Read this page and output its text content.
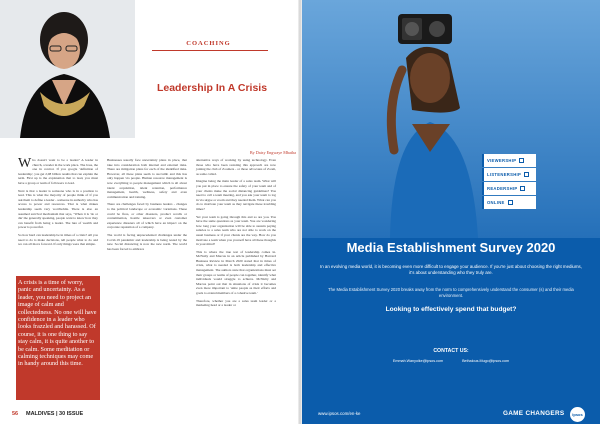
COACHING
Leadership In A Crisis
By Daisy Engwaye Mbatha

Who doesn't want to be a leader? A leader in church, a leader in the work place. The boss, the one in control. If you google 'definition of leadership', you get 2,08 billion results that can explain the term. First up is the explanation that to lead, you must have a group or team of followers to lead.

Next is that a leader is someone who is in a position to lead. This is what the majority of people think of if you ask them to define a leader - someone in authority who has access to power and resources. That is what makes leadership seem very worthwhile. There is also an assumed survival mechanism that says, "When it is 'do or die' the generally speaking, people want to know how they can benefit from being a leader. The lure of wealth and power is powerful.

So how hard can leadership be in times of a crisis? All you need to do is make decisions, tell people what to do and we can all move forward. If only things were that simple.

Businesses usually face uncertainty plans in place, that take into consideration both internal and external risks. There are mitigation plans for each of the identified risks. However, all these plans seem to succumb and this has only happen via people. Human resource management is now everything to people management which is all about talent acquisition, talent retention, performance management, health, wellness, safety and even communication and training.

There are challenges faced by business leaders - changes to the political landscape or economic variations. These could be fires, or other disasters, product recalls or contamination, hostile takeovers or even customer experience disasters all of which have an impact on the corporate reputation of a company.

The world is facing unprecedented challenges under the Covid-19 pandemic and leadership is being tested by the new. Social distancing is now the new norm. The world has been forced to embrace

alternative ways of working by using technology. Even those who have been resisting this approach are now joining the club of Zoomers - or those advocates of Zoom, as some called.

Imagine being the main leader of a sales team. What will you put in place to ensure the safety of your team and of your clients make the social distancing guidelines? You need to call a team meeting, and you ask your team to log in via skype or zoom and they needed them. What can you do to motivate your team as they navigate these troubling times?

Yet your team is going through this and so are you. You have the same questions as your team. You are wondering how long your organization will be able to sustain paying salaries to a sales team who are not able to work on the usual business or if your clients are the way. How do you motivate a team when you yourself have all these thoughts in your mind?

This is where the true test of leadership comes in. McNulty and Marcus in an article published by Harvard Business Review in March 2020 stated that in times of crisis, what is needed is both leadership and effective management. The authors state that organizations must set their groups or teams of people can together, identify what individuals would struggle to achieve. McNulty and Marcus point out that in situations of crisis it becomes even more important to 'unite people as their efforts and goals to extend members of a cohesive team.'

Therefore, whether you are a sales team leader or a marketing head or a leader or

A crisis is a time of worry, panic and uncertainty. As a leader, you need to project an image of calm and collectedness. No one will have confidence in a leader who looks frazzled and harassed. Of course, it is one thing to say stay calm, it is quite another to be calm. Some meditation or calming techniques may come in handy around this time.
56 MALDIVES | 30 ISSUE
VIEWERSHIP
LISTENERSHIP
READERSHIP
ONLINE
Media Establishment Survey 2020
In an evolving media world, it is becoming even more difficult to engage your audience. If you're just about choosing the right mediums, it's about understanding who they truly are.
The Media Establishment Survey 2020 breaks away from the norm to comprehensively understand the consumer (s) and their media environment.
Looking to effectively spend that budget?
CONTACT US:
Emmah.Wanyoike@ipsos.com	Bethalous.Mugo@ipsos.com
www.ipsos.com/en-ke	GAME CHANGERS	Ipsos
